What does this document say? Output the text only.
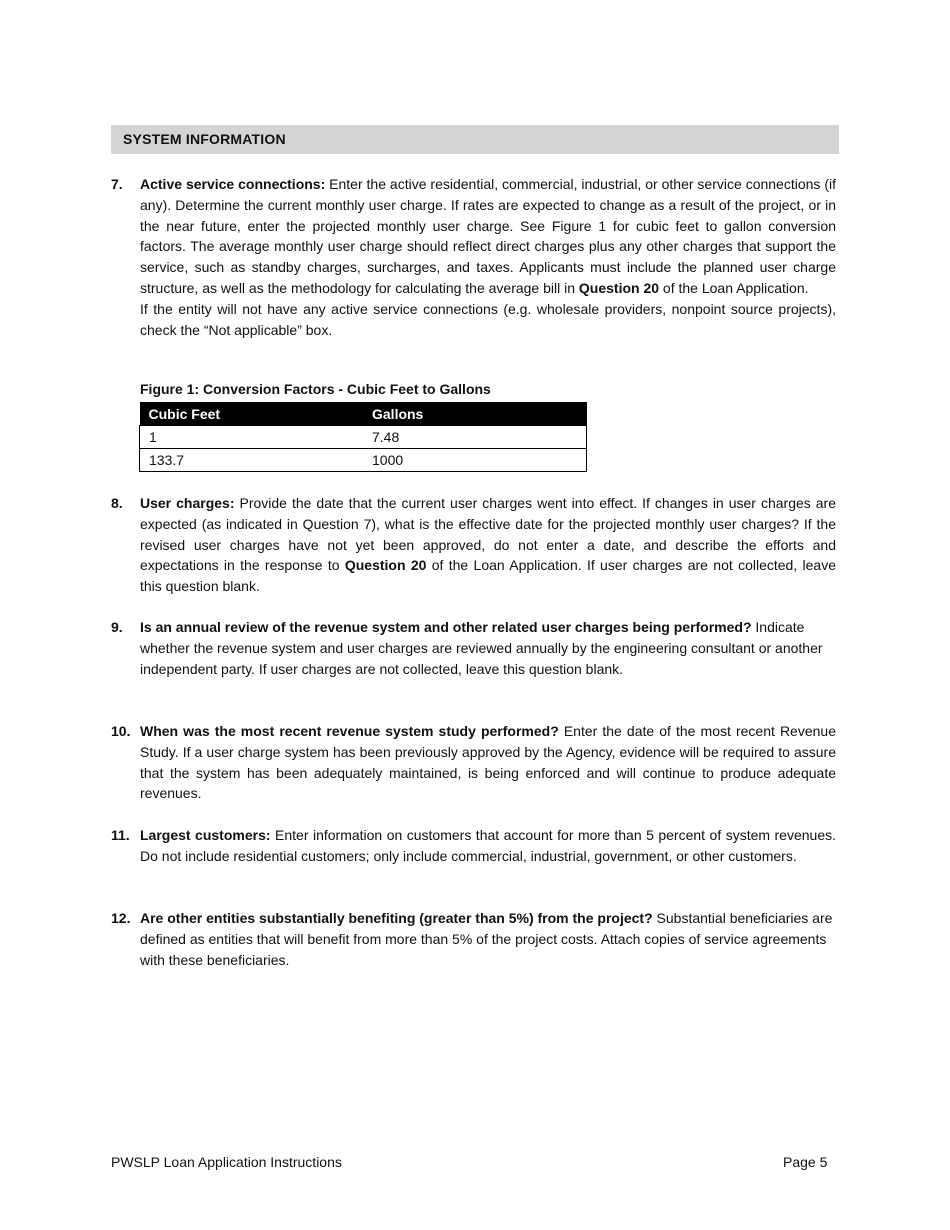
SYSTEM INFORMATION
7. Active service connections: Enter the active residential, commercial, industrial, or other service connections (if any). Determine the current monthly user charge. If rates are expected to change as a result of the project, or in the near future, enter the projected monthly user charge. See Figure 1 for cubic feet to gallon conversion factors. The average monthly user charge should reflect direct charges plus any other charges that support the service, such as standby charges, surcharges, and taxes. Applicants must include the planned user charge structure, as well as the methodology for calculating the average bill in Question 20 of the Loan Application.

If the entity will not have any active service connections (e.g. wholesale providers, nonpoint source projects), check the “Not applicable” box.

Figure 1: Conversion Factors - Cubic Feet to Gallons
Cubic Feet	Gallons
1	7.48
133.7	1000
8. User charges: Provide the date that the current user charges went into effect. If changes in user charges are expected (as indicated in Question 7), what is the effective date for the projected monthly user charges? If the revised user charges have not yet been approved, do not enter a date, and describe the efforts and expectations in the response to Question 20 of the Loan Application. If user charges are not collected, leave this question blank.

9. Is an annual review of the revenue system and other related user charges being performed? Indicate whether the revenue system and user charges are reviewed annually by the engineering consultant or another independent party. If user charges are not collected, leave this question blank.

10. When was the most recent revenue system study performed? Enter the date of the most recent Revenue Study. If a user charge system has been previously approved by the Agency, evidence will be required to assure that the system has been adequately maintained, is being enforced and will continue to produce adequate revenues.

11. Largest customers: Enter information on customers that account for more than 5 percent of system revenues. Do not include residential customers; only include commercial, industrial, government, or other customers.

12. Are other entities substantially benefiting (greater than 5%) from the project? Substantial beneficiaries are defined as entities that will benefit from more than 5% of the project costs. Attach copies of service agreements with these beneficiaries.

PWSLP Loan Application Instructions	Page 5
